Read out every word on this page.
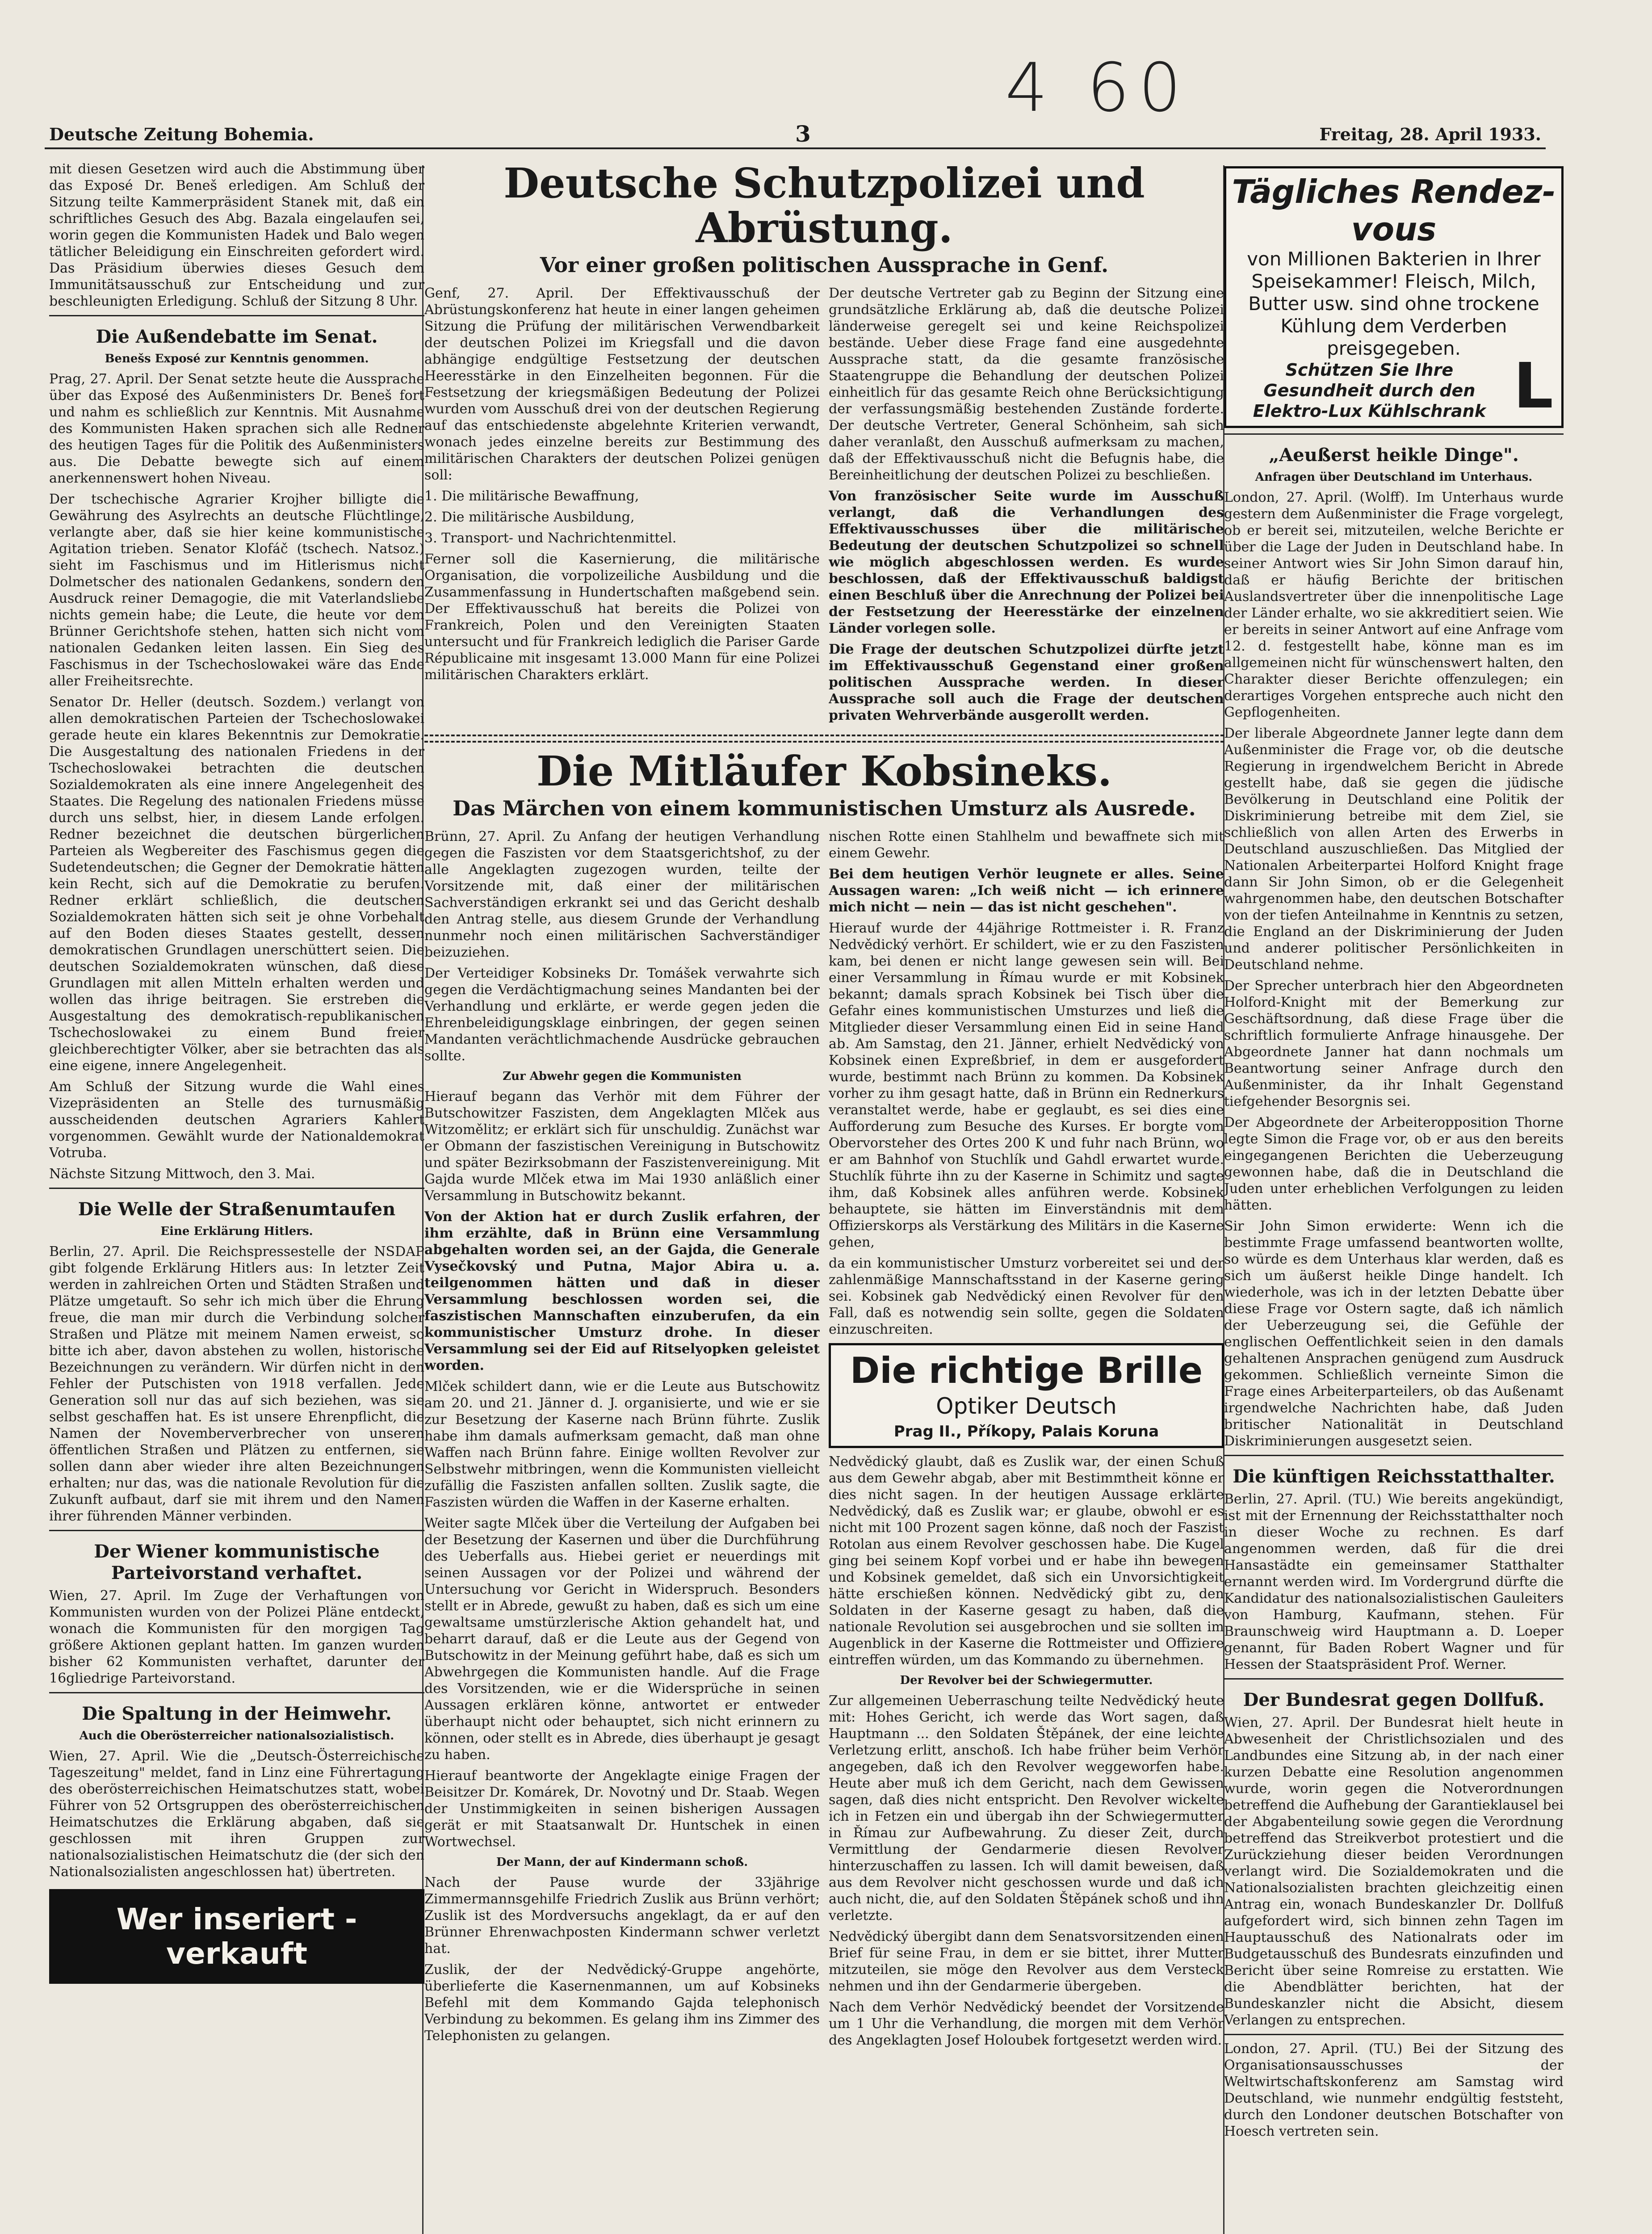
4 60
Deutsche Zeitung Bohemia.	3	Freitag, 28. April 1933.

mit diesen Gesetzen wird auch die Abstimmung über das Exposé Dr. Beneš erledigen. Am Schluß der Sitzung teilte Kammerpräsident Stanek mit, daß ein schriftliches Gesuch des Abg. Bazala eingelaufen sei, worin gegen die Kommunisten Hadek und Balo wegen tätlicher Beleidigung ein Einschreiten gefordert wird. Das Präsidium überwies dieses Gesuch dem Immunitätsausschuß zur Entscheidung und zur beschleunigten Erledigung. Schluß der Sitzung 8 Uhr.

Die Außendebatte im Senat.
Benešs Exposé zur Kenntnis genommen.

Prag, 27. April. Der Senat setzte heute die Aussprache über das Exposé des Außenministers Dr. Beneš fort und nahm es schließlich zur Kenntnis. Mit Ausnahme des Kommunisten Haken sprachen sich alle Redner des heutigen Tages für die Politik des Außenministers aus. Die Debatte bewegte sich auf einem anerkennenswert hohen Niveau.

Der tschechische Agrarier Krojher billigte die Gewährung des Asylrechts an deutsche Flüchtlinge, verlangte aber, daß sie hier keine kommunistische Agitation trieben. Senator Klofáč (tschech. Natsoz.) sieht im Faschismus und im Hitlerismus nicht Dolmetscher des nationalen Gedankens, sondern den Ausdruck reiner Demagogie, die mit Vaterlandsliebe nichts gemein habe; die Leute, die heute vor dem Brünner Gerichtshofe stehen, hatten sich nicht vom nationalen Gedanken leiten lassen. Ein Sieg des Faschismus in der Tschechoslowakei wäre das Ende aller Freiheitsrechte.

Senator Dr. Heller (deutsch. Sozdem.) verlangt von allen demokratischen Parteien der Tschechoslowakei gerade heute ein klares Bekenntnis zur Demokratie. Die Ausgestaltung des nationalen Friedens in der Tschechoslowakei betrachten die deutschen Sozialdemokraten als eine innere Angelegenheit des Staates. Die Regelung des nationalen Friedens müsse durch uns selbst, hier, in diesem Lande erfolgen. Redner bezeichnet die deutschen bürgerlichen Parteien als Wegbereiter des Faschismus gegen die Sudetendeutschen; die Gegner der Demokratie hätten kein Recht, sich auf die Demokratie zu berufen. Redner erklärt schließlich, die deutschen Sozialdemokraten hätten sich seit je ohne Vorbehalt auf den Boden dieses Staates gestellt, dessen demokratischen Grundlagen unerschüttert seien. Die deutschen Sozialdemokraten wünschen, daß diese Grundlagen mit allen Mitteln erhalten werden und wollen das ihrige beitragen. Sie erstreben die Ausgestaltung des demokratisch-republikanischen Tschechoslowakei zu einem Bund freier gleichberechtigter Völker, aber sie betrachten das als eine eigene, innere Angelegenheit.

Am Schluß der Sitzung wurde die Wahl eines Vizepräsidenten an Stelle des turnusmäßig ausscheidenden deutschen Agrariers Kahlert vorgenommen. Gewählt wurde der Nationaldemokrat Votruba.

Nächste Sitzung Mittwoch, den 3. Mai.

Die Welle der Straßenumtaufen
Eine Erklärung Hitlers.

Berlin, 27. April. Die Reichspressestelle der NSDAP gibt folgende Erklärung Hitlers aus: In letzter Zeit werden in zahlreichen Orten und Städten Straßen und Plätze umgetauft. So sehr ich mich über die Ehrung freue, die man mir durch die Verbindung solcher Straßen und Plätze mit meinem Namen erweist, so bitte ich aber, davon abstehen zu wollen, historische Bezeichnungen zu verändern. Wir dürfen nicht in den Fehler der Putschisten von 1918 verfallen. Jede Generation soll nur das auf sich beziehen, was sie selbst geschaffen hat. Es ist unsere Ehrenpflicht, die Namen der Novemberverbrecher von unseren öffentlichen Straßen und Plätzen zu entfernen, sie sollen dann aber wieder ihre alten Bezeichnungen erhalten; nur das, was die nationale Revolution für die Zukunft aufbaut, darf sie mit ihrem und den Namen ihrer führenden Männer verbinden.

Der Wiener kommunistische Parteivorstand verhaftet.

Wien, 27. April. Im Zuge der Verhaftungen von Kommunisten wurden von der Polizei Pläne entdeckt, wonach die Kommunisten für den morgigen Tag größere Aktionen geplant hatten. Im ganzen wurden bisher 62 Kommunisten verhaftet, darunter der 16gliedrige Parteivorstand.

Die Spaltung in der Heimwehr.
Auch die Oberösterreicher nationalsozialistisch.

Wien, 27. April. Wie die „Deutsch-Österreichische Tageszeitung" meldet, fand in Linz eine Führertagung des oberösterreichischen Heimatschutzes statt, wobei Führer von 52 Ortsgruppen des oberösterreichischen Heimatschutzes die Erklärung abgaben, daß sie geschlossen mit ihren Gruppen zur nationalsozialistischen Heimatschutz die (der sich den Nationalsozialisten angeschlossen hat) übertreten.

Wer inseriert - verkauft
Deutsche Schutzpolizei und Abrüstung.
Vor einer großen politischen Aussprache in Genf.

Genf, 27. April. Der Effektivausschuß der Abrüstungskonferenz hat heute in einer langen geheimen Sitzung die Prüfung der militärischen Verwendbarkeit der deutschen Polizei im Kriegsfall und die davon abhängige endgültige Festsetzung der deutschen Heeresstärke in den Einzelheiten begonnen. Für die Festsetzung der kriegsmäßigen Bedeutung der Polizei wurden vom Ausschuß drei von der deutschen Regierung auf das entschiedenste abgelehnte Kriterien verwandt, wonach jedes einzelne bereits zur Bestimmung des militärischen Charakters der deutschen Polizei genügen soll:

1. Die militärische Bewaffnung,

2. Die militärische Ausbildung,

3. Transport- und Nachrichtenmittel.

Ferner soll die Kasernierung, die militärische Organisation, die vorpolizeiliche Ausbildung und die Zusammenfassung in Hundertschaften maßgebend sein. Der Effektivausschuß hat bereits die Polizei von Frankreich, Polen und den Vereinigten Staaten untersucht und für Frankreich lediglich die Pariser Garde Républicaine mit insgesamt 13.000 Mann für eine Polizei militärischen Charakters erklärt.

Der deutsche Vertreter gab zu Beginn der Sitzung eine grundsätzliche Erklärung ab, daß die deutsche Polizei länderweise geregelt sei und keine Reichspolizei bestände. Ueber diese Frage fand eine ausgedehnte Aussprache statt, da die gesamte französische Staatengruppe die Behandlung der deutschen Polizei einheitlich für das gesamte Reich ohne Berücksichtigung der verfassungsmäßig bestehenden Zustände forderte. Der deutsche Vertreter, General Schönheim, sah sich daher veranlaßt, den Ausschuß aufmerksam zu machen, daß der Effektivausschuß nicht die Befugnis habe, die Bereinheitlichung der deutschen Polizei zu beschließen.

Von französischer Seite wurde im Ausschuß verlangt, daß die Verhandlungen des Effektivausschusses über die militärische Bedeutung der deutschen Schutzpolizei so schnell wie möglich abgeschlossen werden. Es wurde beschlossen, daß der Effektivausschuß baldigst einen Beschluß über die Anrechnung der Polizei bei der Festsetzung der Heeresstärke der einzelnen Länder vorlegen solle.

Die Frage der deutschen Schutzpolizei dürfte jetzt im Effektivausschuß Gegenstand einer großen politischen Aussprache werden. In dieser Aussprache soll auch die Frage der deutschen privaten Wehrverbände ausgerollt werden.

Die Mitläufer Kobsineks.
Das Märchen von einem kommunistischen Umsturz als Ausrede.

Brünn, 27. April. Zu Anfang der heutigen Verhandlung gegen die Faszisten vor dem Staatsgerichtshof, zu der alle Angeklagten zugezogen wurden, teilte der Vorsitzende mit, daß einer der militärischen Sachverständigen erkrankt sei und das Gericht deshalb den Antrag stelle, aus diesem Grunde der Verhandlung nunmehr noch einen militärischen Sachverständiger beizuziehen.

Der Verteidiger Kobsineks Dr. Tomášek verwahrte sich gegen die Verdächtigmachung seines Mandanten bei der Verhandlung und erklärte, er werde gegen jeden die Ehrenbeleidigungsklage einbringen, der gegen seinen Mandanten verächtlichmachende Ausdrücke gebrauchen sollte.

Zur Abwehr gegen die Kommunisten

Hierauf begann das Verhör mit dem Führer der Butschowitzer Faszisten, dem Angeklagten Mlček aus Witzomělitz; er erklärt sich für unschuldig. Zunächst war er Obmann der faszistischen Vereinigung in Butschowitz und später Bezirksobmann der Faszistenvereinigung. Mit Gajda wurde Mlček etwa im Mai 1930 anläßlich einer Versammlung in Butschowitz bekannt.

Von der Aktion hat er durch Zuslik erfahren, der ihm erzählte, daß in Brünn eine Versammlung abgehalten worden sei, an der Gajda, die Generale Vysečkovský und Putna, Major Abira u. a. teilgenommen hätten und daß in dieser Versammlung beschlossen worden sei, die faszistischen Mannschaften einzuberufen, da ein kommunistischer Umsturz drohe. In dieser Versammlung sei der Eid auf Ritselyopken geleistet worden.

Mlček schildert dann, wie er die Leute aus Butschowitz am 20. und 21. Jänner d. J. organisierte, und wie er sie zur Besetzung der Kaserne nach Brünn führte. Zuslik habe ihm damals aufmerksam gemacht, daß man ohne Waffen nach Brünn fahre. Einige wollten Revolver zur Selbstwehr mitbringen, wenn die Kommunisten vielleicht zufällig die Faszisten anfallen sollten. Zuslik sagte, die Faszisten würden die Waffen in der Kaserne erhalten.

Weiter sagte Mlček über die Verteilung der Aufgaben bei der Besetzung der Kasernen und über die Durchführung des Ueberfalls aus. Hiebei geriet er neuerdings mit seinen Aussagen vor der Polizei und während der Untersuchung vor Gericht in Widerspruch. Besonders stellt er in Abrede, gewußt zu haben, daß es sich um eine gewaltsame umstürzlerische Aktion gehandelt hat, und beharrt darauf, daß er die Leute aus der Gegend von Butschowitz in der Meinung geführt habe, daß es sich um Abwehrgegen die Kommunisten handle. Auf die Frage des Vorsitzenden, wie er die Widersprüche in seinen Aussagen erklären könne, antwortet er entweder überhaupt nicht oder behauptet, sich nicht erinnern zu können, oder stellt es in Abrede, dies überhaupt je gesagt zu haben.

Hierauf beantworte der Angeklagte einige Fragen der Beisitzer Dr. Komárek, Dr. Novotný und Dr. Staab. Wegen der Unstimmigkeiten in seinen bisherigen Aussagen gerät er mit Staatsanwalt Dr. Huntschek in einen Wortwechsel.

Der Mann, der auf Kindermann schoß.

Nach der Pause wurde der 33jährige Zimmermannsgehilfe Friedrich Zuslik aus Brünn verhört; Zuslik ist des Mordversuchs angeklagt, da er auf den Brünner Ehrenwachposten Kindermann schwer verletzt hat.

Zuslik, der der Nedvědický-Gruppe angehörte, überlieferte die Kasernenmannen, um auf Kobsineks Befehl mit dem Kommando Gajda telephonisch Verbindung zu bekommen. Es gelang ihm ins Zimmer des Telephonisten zu gelangen.

nischen Rotte einen Stahlhelm und bewaffnete sich mit einem Gewehr.

Bei dem heutigen Verhör leugnete er alles. Seine Aussagen waren: „Ich weiß nicht — ich erinnere mich nicht — nein — das ist nicht geschehen".

Hierauf wurde der 44jährige Rottmeister i. R. Franz Nedvědický verhört. Er schildert, wie er zu den Faszisten kam, bei denen er nicht lange gewesen sein will. Bei einer Versammlung in Římau wurde er mit Kobsinek bekannt; damals sprach Kobsinek bei Tisch über die Gefahr eines kommunistischen Umsturzes und ließ die Mitglieder dieser Versammlung einen Eid in seine Hand ab. Am Samstag, den 21. Jänner, erhielt Nedvědický von Kobsinek einen Expreßbrief, in dem er ausgefordert wurde, bestimmt nach Brünn zu kommen. Da Kobsinek vorher zu ihm gesagt hatte, daß in Brünn ein Rednerkurs veranstaltet werde, habe er geglaubt, es sei dies eine Aufforderung zum Besuche des Kurses. Er borgte vom Obervorsteher des Ortes 200 K und fuhr nach Brünn, wo er am Bahnhof von Stuchlík und Gahdl erwartet wurde. Stuchlík führte ihn zu der Kaserne in Schimitz und sagte ihm, daß Kobsinek alles anführen werde. Kobsinek behauptete, sie hätten im Einverständnis mit dem Offizierskorps als Verstärkung des Militärs in die Kaserne gehen,

da ein kommunistischer Umsturz vorbereitet sei und der zahlenmäßige Mannschaftsstand in der Kaserne gering sei. Kobsinek gab Nedvědický einen Revolver für den Fall, daß es notwendig sein sollte, gegen die Soldaten einzuschreiten.

Die richtige Brille
Optiker Deutsch
Prag II., Příkopy, Palais Koruna

Nedvědický glaubt, daß es Zuslik war, der einen Schuß aus dem Gewehr abgab, aber mit Bestimmtheit könne er dies nicht sagen. In der heutigen Aussage erklärte Nedvědický, daß es Zuslik war; er glaube, obwohl er es nicht mit 100 Prozent sagen könne, daß noch der Faszist Rotolan aus einem Revolver geschossen habe. Die Kugel ging bei seinem Kopf vorbei und er habe ihn bewegen und Kobsinek gemeldet, daß sich ein Unvorsichtigkeit hätte erschießen können. Nedvědický gibt zu, den Soldaten in der Kaserne gesagt zu haben, daß die nationale Revolution sei ausgebrochen und sie sollten im Augenblick in der Kaserne die Rottmeister und Offiziere eintreffen würden, um das Kommando zu übernehmen.

Der Revolver bei der Schwiegermutter.

Zur allgemeinen Ueberraschung teilte Nedvědický heute mit: Hohes Gericht, ich werde das Wort sagen, daß Hauptmann ... den Soldaten Štěpánek, der eine leichte Verletzung erlitt, anschoß. Ich habe früher beim Verhör angegeben, daß ich den Revolver weggeworfen habe. Heute aber muß ich dem Gericht, nach dem Gewissen sagen, daß dies nicht entspricht. Den Revolver wickelte ich in Fetzen ein und übergab ihn der Schwiegermutter in Římau zur Aufbewahrung. Zu dieser Zeit, durch Vermittlung der Gendarmerie diesen Revolver hinterzuschaffen zu lassen. Ich will damit beweisen, daß aus dem Revolver nicht geschossen wurde und daß ich auch nicht, die, auf den Soldaten Štěpánek schoß und ihn verletzte.

Nedvědický übergibt dann dem Senatsvorsitzenden einen Brief für seine Frau, in dem er sie bittet, ihrer Mutter mitzuteilen, sie möge den Revolver aus dem Versteck nehmen und ihn der Gendarmerie übergeben.

Nach dem Verhör Nedvědický beendet der Vorsitzende um 1 Uhr die Verhandlung, die morgen mit dem Verhör des Angeklagten Josef Holoubek fortgesetzt werden wird.

Tägliches Rendez-vous
von Millionen Bakterien in Ihrer Speisekammer! Fleisch, Milch, Butter usw. sind ohne trockene Kühlung dem Verderben preisgegeben.
L
Schützen Sie Ihre Gesundheit durch den Elektro-Lux Kühlschrank
„Aeußerst heikle Dinge".
Anfragen über Deutschland im Unterhaus.

London, 27. April. (Wolff). Im Unterhaus wurde gestern dem Außenminister die Frage vorgelegt, ob er bereit sei, mitzuteilen, welche Berichte er über die Lage der Juden in Deutschland habe. In seiner Antwort wies Sir John Simon darauf hin, daß er häufig Berichte der britischen Auslandsvertreter über die innenpolitische Lage der Länder erhalte, wo sie akkreditiert seien. Wie er bereits in seiner Antwort auf eine Anfrage vom 12. d. festgestellt habe, könne man es im allgemeinen nicht für wünschenswert halten, den Charakter dieser Berichte offenzulegen; ein derartiges Vorgehen entspreche auch nicht den Gepflogenheiten.

Der liberale Abgeordnete Janner legte dann dem Außenminister die Frage vor, ob die deutsche Regierung in irgendwelchem Bericht in Abrede gestellt habe, daß sie gegen die jüdische Bevölkerung in Deutschland eine Politik der Diskriminierung betreibe mit dem Ziel, sie schließlich von allen Arten des Erwerbs in Deutschland auszuschließen. Das Mitglied der Nationalen Arbeiterpartei Holford Knight frage dann Sir John Simon, ob er die Gelegenheit wahrgenommen habe, den deutschen Botschafter von der tiefen Anteilnahme in Kenntnis zu setzen, die England an der Diskriminierung der Juden und anderer politischer Persönlichkeiten in Deutschland nehme.

Der Sprecher unterbrach hier den Abgeordneten Holford-Knight mit der Bemerkung zur Geschäftsordnung, daß diese Frage über die schriftlich formulierte Anfrage hinausgehe. Der Abgeordnete Janner hat dann nochmals um Beantwortung seiner Anfrage durch den Außenminister, da ihr Inhalt Gegenstand tiefgehender Besorgnis sei.

Der Abgeordnete der Arbeiteropposition Thorne legte Simon die Frage vor, ob er aus den bereits eingegangenen Berichten die Ueberzeugung gewonnen habe, daß die in Deutschland die Juden unter erheblichen Verfolgungen zu leiden hätten.

Sir John Simon erwiderte: Wenn ich die bestimmte Frage umfassend beantworten wollte, so würde es dem Unterhaus klar werden, daß es sich um äußerst heikle Dinge handelt. Ich wiederhole, was ich in der letzten Debatte über diese Frage vor Ostern sagte, daß ich nämlich der Ueberzeugung sei, die Gefühle der englischen Oeffentlichkeit seien in den damals gehaltenen Ansprachen genügend zum Ausdruck gekommen. Schließlich verneinte Simon die Frage eines Arbeiterparteilers, ob das Außenamt irgendwelche Nachrichten habe, daß Juden britischer Nationalität in Deutschland Diskriminierungen ausgesetzt seien.

Die künftigen Reichsstatthalter.

Berlin, 27. April. (TU.) Wie bereits angekündigt, ist mit der Ernennung der Reichsstatthalter noch in dieser Woche zu rechnen. Es darf angenommen werden, daß für die drei Hansastädte ein gemeinsamer Statthalter ernannt werden wird. Im Vordergrund dürfte die Kandidatur des nationalsozialistischen Gauleiters von Hamburg, Kaufmann, stehen. Für Braunschweig wird Hauptmann a. D. Loeper genannt, für Baden Robert Wagner und für Hessen der Staatspräsident Prof. Werner.

Der Bundesrat gegen Dollfuß.

Wien, 27. April. Der Bundesrat hielt heute in Abwesenheit der Christlichsozialen und des Landbundes eine Sitzung ab, in der nach einer kurzen Debatte eine Resolution angenommen wurde, worin gegen die Notverordnungen betreffend die Aufhebung der Garantieklausel bei der Abgabenteilung sowie gegen die Verordnung betreffend das Streikverbot protestiert und die Zurückziehung dieser beiden Verordnungen verlangt wird. Die Sozialdemokraten und die Nationalsozialisten brachten gleichzeitig einen Antrag ein, wonach Bundeskanzler Dr. Dollfuß aufgefordert wird, sich binnen zehn Tagen im Hauptausschuß des Nationalrats oder im Budgetausschuß des Bundesrats einzufinden und Bericht über seine Romreise zu erstatten. Wie die Abendblätter berichten, hat der Bundeskanzler nicht die Absicht, diesem Verlangen zu entsprechen.

London, 27. April. (TU.) Bei der Sitzung des Organisationsausschusses der Weltwirtschaftskonferenz am Samstag wird Deutschland, wie nunmehr endgültig feststeht, durch den Londoner deutschen Botschafter von Hoesch vertreten sein.
